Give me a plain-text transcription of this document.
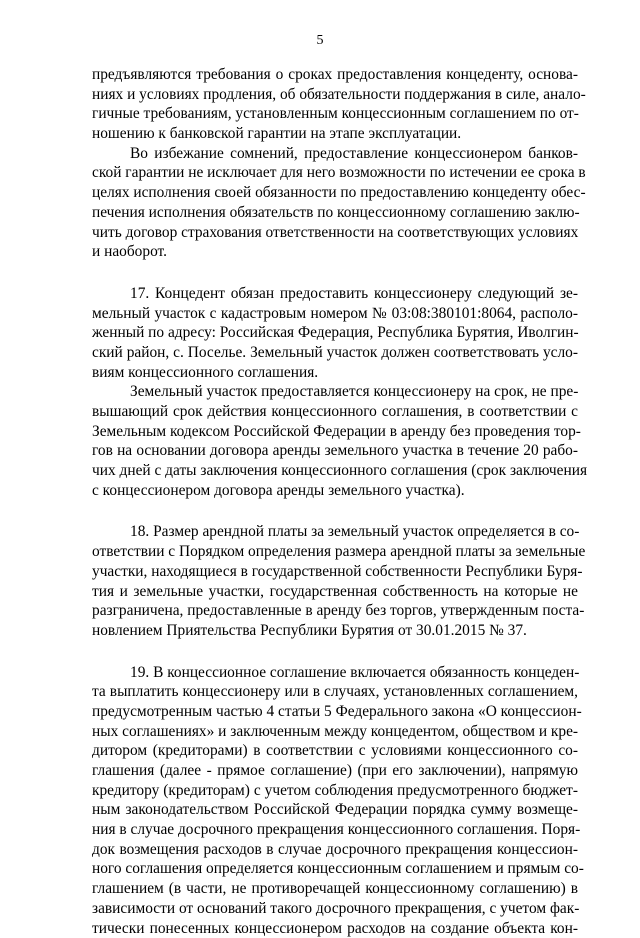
5
предъявляются требования о сроках предоставления концеденту, основа-
ниях и условиях продления, об обязательности поддержания в силе, анало-
гичные требованиям, установленным концессионным соглашением по от-
ношению к банковской гарантии на этапе эксплуатации.
Во избежание сомнений, предоставление концессионером банков-
ской гарантии не исключает для него возможности по истечении ее срока в
целях исполнения своей обязанности по предоставлению концеденту обес-
печения исполнения обязательств по концессионному соглашению заклю-
чить договор страхования ответственности на соответствующих условиях
и наоборот.
17. Концедент обязан предоставить концессионеру следующий зе-
мельный участок с кадастровым номером № 03:08:380101:8064, располо-
женный по адресу: Российская Федерация, Республика Бурятия, Иволгин-
ский район, с. Поселье. Земельный участок должен соответствовать усло-
виям концессионного соглашения.
Земельный участок предоставляется концессионеру на срок, не пре-
вышающий срок действия концессионного соглашения, в соответствии с
Земельным кодексом Российской Федерации в аренду без проведения тор-
гов на основании договора аренды земельного участка в течение 20 рабо-
чих дней с даты заключения концессионного соглашения (срок заключения
с концессионером договора аренды земельного участка).
18. Размер арендной платы за земельный участок определяется в со-
ответствии с Порядком определения размера арендной платы за земельные
участки, находящиеся в государственной собственности Республики Буря-
тия и земельные участки, государственная собственность на которые не
разграничена, предоставленные в аренду без торгов, утвержденным поста-
новлением Приятельства Республики Бурятия от 30.01.2015 № 37.
19. В концессионное соглашение включается обязанность концеден-
та выплатить концессионеру или в случаях, установленных соглашением,
предусмотренным частью 4 статьи 5 Федерального закона «О концессион-
ных соглашениях» и заключенным между концедентом, обществом и кре-
дитором (кредиторами) в соответствии с условиями концессионного со-
глашения (далее - прямое соглашение) (при его заключении), напрямую
кредитору (кредиторам) с учетом соблюдения предусмотренного бюджет-
ным законодательством Российской Федерации порядка сумму возмеще-
ния в случае досрочного прекращения концессионного соглашения. Поря-
док возмещения расходов в случае досрочного прекращения концессион-
ного соглашения определяется концессионным соглашением и прямым со-
глашением (в части, не противоречащей концессионному соглашению) в
зависимости от оснований такого досрочного прекращения, с учетом фак-
тически понесенных концессионером расходов на создание объекта кон-
